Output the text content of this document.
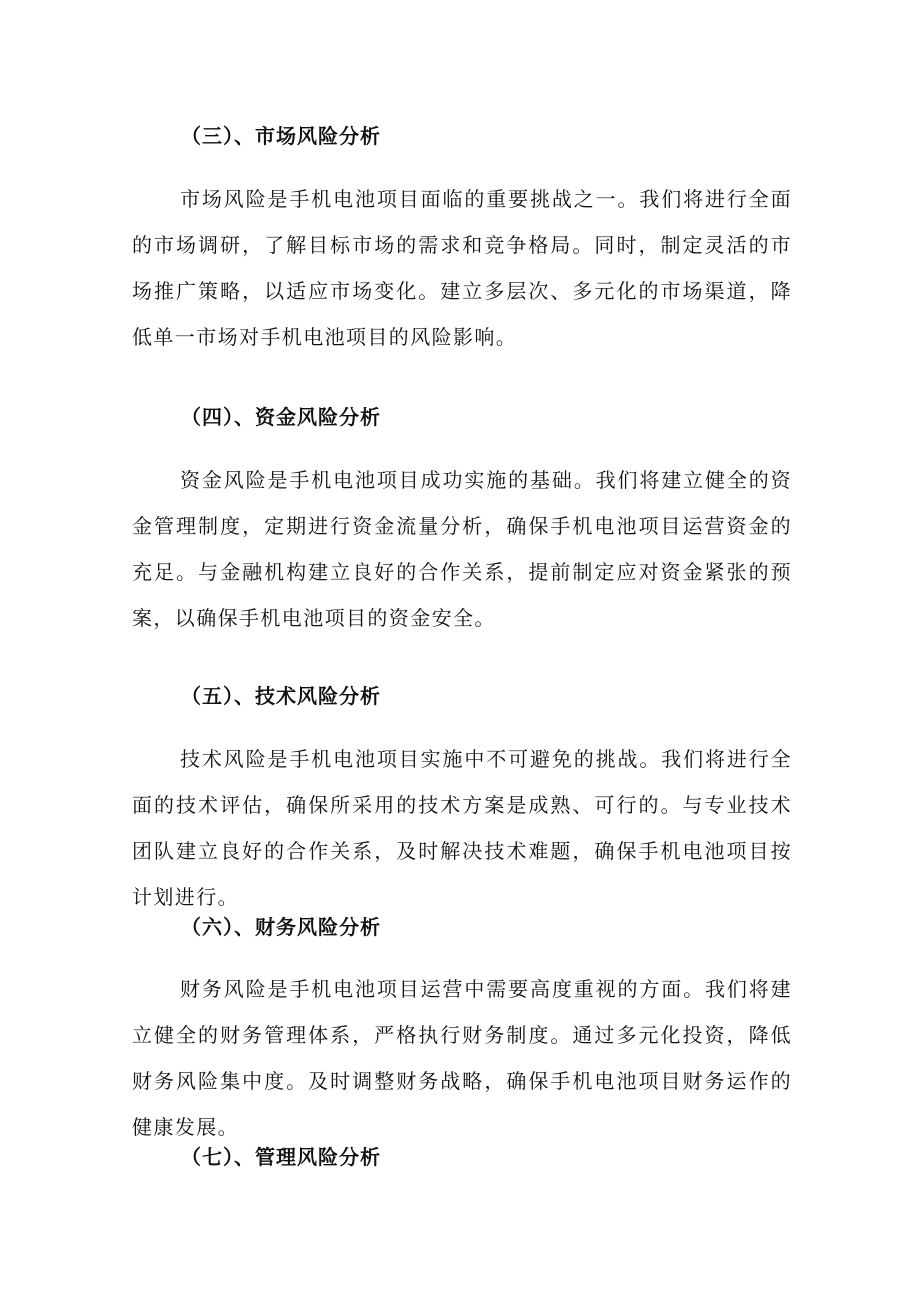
（三）、市场风险分析
市场风险是手机电池项目面临的重要挑战之一。我们将进行全面的市场调研，了解目标市场的需求和竞争格局。同时，制定灵活的市场推广策略，以适应市场变化。建立多层次、多元化的市场渠道，降低单一市场对手机电池项目的风险影响。
（四）、资金风险分析
资金风险是手机电池项目成功实施的基础。我们将建立健全的资金管理制度，定期进行资金流量分析，确保手机电池项目运营资金的充足。与金融机构建立良好的合作关系，提前制定应对资金紧张的预案，以确保手机电池项目的资金安全。
（五）、技术风险分析
技术风险是手机电池项目实施中不可避免的挑战。我们将进行全面的技术评估，确保所采用的技术方案是成熟、可行的。与专业技术团队建立良好的合作关系，及时解决技术难题，确保手机电池项目按计划进行。
（六）、财务风险分析
财务风险是手机电池项目运营中需要高度重视的方面。我们将建立健全的财务管理体系，严格执行财务制度。通过多元化投资，降低财务风险集中度。及时调整财务战略，确保手机电池项目财务运作的健康发展。
（七）、管理风险分析
